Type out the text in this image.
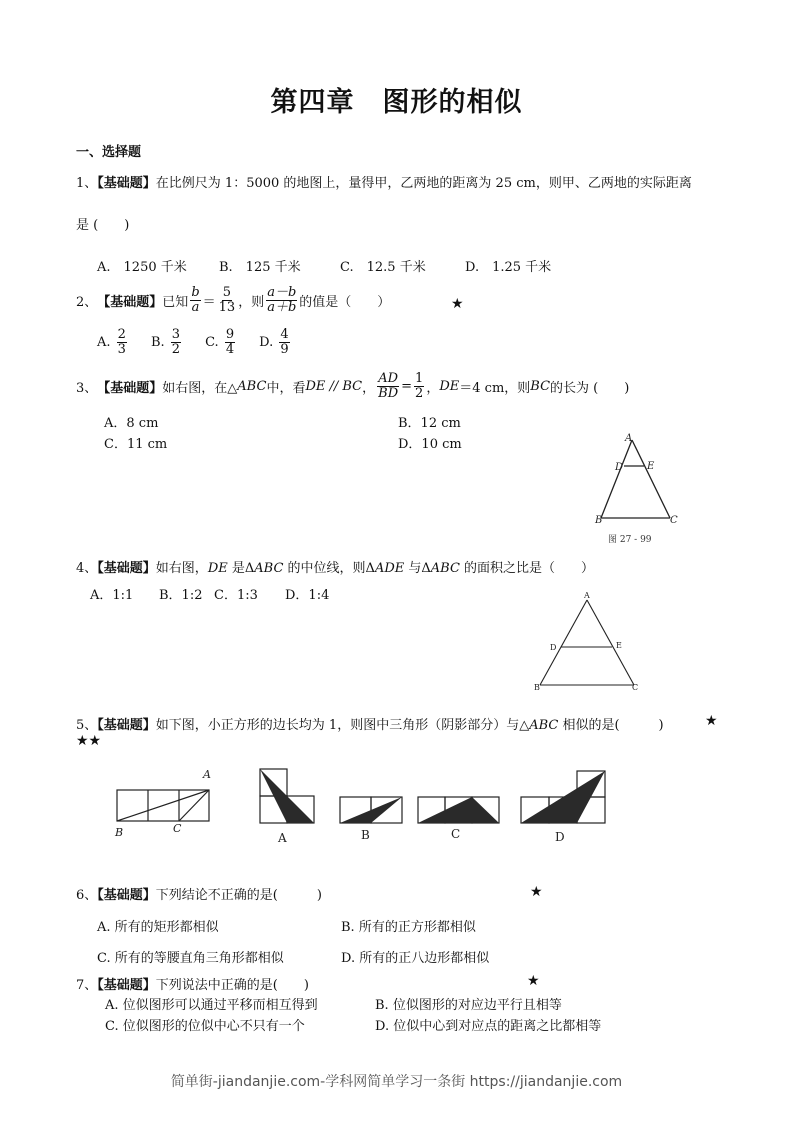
第四章　图形的相似
一、选择题
1、【基础题】在比例尺为 1：5000 的地图上，量得甲，乙两地的距离为 25 cm，则甲、乙两地的实际距离
是 (　　)
A.　1250 千米 B.　125 千米	C.　12.5 千米	D.　1.25 千米
2、 【基础题】 已知 $\frac{b}{a} = \frac{5}{13}$ ，则 $\frac{a-b}{a+b}$ 的值是（　　）	★
A.
$\frac{2}{3} B$.
$\frac{3}{2} C$.
$\frac{9}{4} D$.
$\frac{4}{9}$
3、 【基础题】 如右图，在△ ABC 中，看 DE // BC ， $\frac{AD}{BD} = \frac{1}{2}$ ， DE ＝4 cm，则 BC 的长为 (　　)
A．8 cm	B．12 cm
C．11 cm	D．10 cm	A
D E
B	C
图 27 - 99
4、【基础题】如右图，DE 是ΔABC 的中位线，则ΔADE 与ΔABC 的面积之比是（　　）
A．1:1 B．1:2 C．1:3 D．1:4	A
D	E
B	C
5、【基础题】如下图，小正方形的边长均为 1，则图中三角形（阴影部分）与△ABC 相似的是(　　　)	★
★★
A
B	C
A	B	C	D
6、【基础题】下列结论不正确的是(　　　)	★
A. 所有的矩形都相似	B. 所有的正方形都相似
C. 所有的等腰直角三角形都相似	D. 所有的正八边形都相似
7、【基础题】下列说法中正确的是(　　)	★
A. 位似图形可以通过平移而相互得到	B. 位似图形的对应边平行且相等
C. 位似图形的位似中心不只有一个	D. 位似中心到对应点的距离之比都相等
简单街-jiandanjie.com-学科网简单学习一条街 https://jiandanjie.com
